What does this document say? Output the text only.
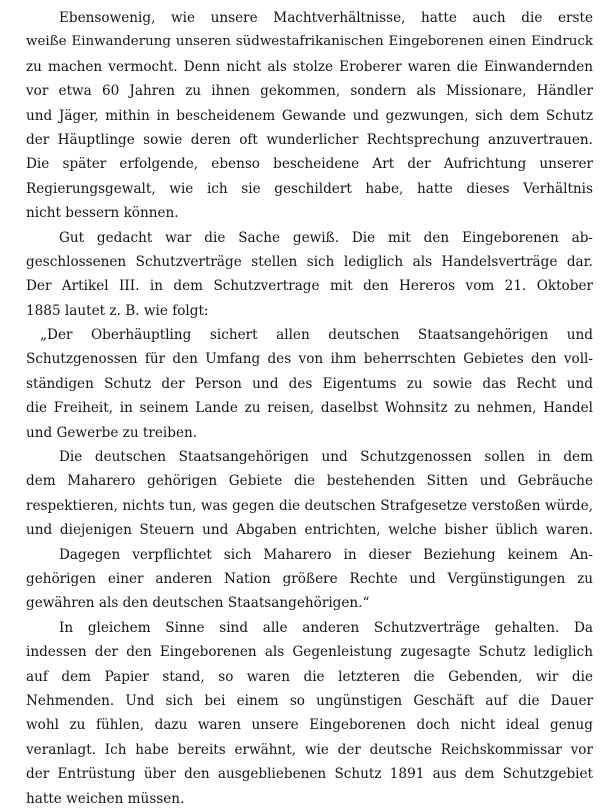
Ebensowenig, wie unsere Machtverhältnisse, hatte auch die erste
weiße Einwanderung unseren südwestafrikanischen Eingeborenen einen Eindruck
zu machen vermocht. Denn nicht als stolze Eroberer waren die Einwandernden
vor etwa 60 Jahren zu ihnen gekommen, sondern als Missionare, Händler
und Jäger, mithin in bescheidenem Gewande und gezwungen, sich dem Schutz
der Häuptlinge sowie deren oft wunderlicher Rechtsprechung anzuvertrauen.
Die später erfolgende, ebenso bescheidene Art der Aufrichtung unserer
Regierungsgewalt, wie ich sie geschildert habe, hatte dieses Verhältnis
nicht bessern können.
Gut gedacht war die Sache gewiß. Die mit den Eingeborenen ab-
geschlossenen Schutzverträge stellen sich lediglich als Handelsverträge dar.
Der Artikel III. in dem Schutzvertrage mit den Hereros vom 21. Oktober
1885 lautet z. B. wie folgt:
„Der Oberhäuptling sichert allen deutschen Staatsangehörigen und
Schutzgenossen für den Umfang des von ihm beherrschten Gebietes den voll-
ständigen Schutz der Person und des Eigentums zu sowie das Recht und
die Freiheit, in seinem Lande zu reisen, daselbst Wohnsitz zu nehmen, Handel
und Gewerbe zu treiben.
Die deutschen Staatsangehörigen und Schutzgenossen sollen in dem
dem Maharero gehörigen Gebiete die bestehenden Sitten und Gebräuche
respektieren, nichts tun, was gegen die deutschen Strafgesetze verstoßen würde,
und diejenigen Steuern und Abgaben entrichten, welche bisher üblich waren.
Dagegen verpflichtet sich Maharero in dieser Beziehung keinem An-
gehörigen einer anderen Nation größere Rechte und Vergünstigungen zu
gewähren als den deutschen Staatsangehörigen.“
In gleichem Sinne sind alle anderen Schutzverträge gehalten. Da
indessen der den Eingeborenen als Gegenleistung zugesagte Schutz lediglich
auf dem Papier stand, so waren die letzteren die Gebenden, wir die
Nehmenden. Und sich bei einem so ungünstigen Geschäft auf die Dauer
wohl zu fühlen, dazu waren unsere Eingeborenen doch nicht ideal genug
veranlagt. Ich habe bereits erwähnt, wie der deutsche Reichskommissar vor
der Entrüstung über den ausgebliebenen Schutz 1891 aus dem Schutzgebiet
hatte weichen müssen.
